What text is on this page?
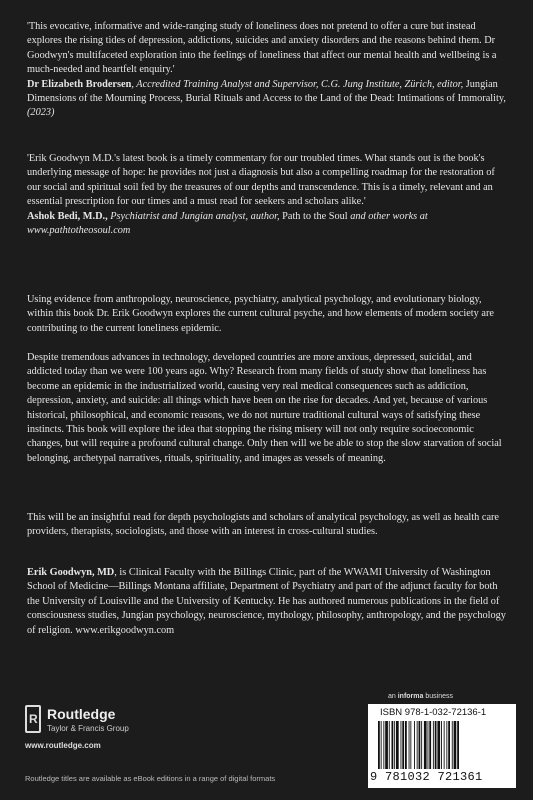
'This evocative, informative and wide-ranging study of loneliness does not pretend to offer a cure but instead explores the rising tides of depression, addictions, suicides and anxiety disorders and the reasons behind them. Dr Goodwyn's multifaceted exploration into the feelings of loneliness that affect our mental health and wellbeing is a much-needed and heartfelt enquiry.'

Dr Elizabeth Brodersen, Accredited Training Analyst and Supervisor, C.G. Jung Institute, Zürich, editor, Jungian Dimensions of the Mourning Process, Burial Rituals and Access to the Land of the Dead: Intimations of Immorality, (2023)

'Erik Goodwyn M.D.'s latest book is a timely commentary for our troubled times. What stands out is the book's underlying message of hope: he provides not just a diagnosis but also a compelling roadmap for the restoration of our social and spiritual soil fed by the treasures of our depths and transcendence. This is a timely, relevant and an essential prescription for our times and a must read for seekers and scholars alike.'

Ashok Bedi, M.D., Psychiatrist and Jungian analyst, author, Path to the Soul and other works at www.pathtotheosoul.com

Using evidence from anthropology, neuroscience, psychiatry, analytical psychology, and evolutionary biology, within this book Dr. Erik Goodwyn explores the current cultural psyche, and how elements of modern society are contributing to the current loneliness epidemic.

Despite tremendous advances in technology, developed countries are more anxious, depressed, suicidal, and addicted today than we were 100 years ago. Why? Research from many fields of study show that loneliness has become an epidemic in the industrialized world, causing very real medical consequences such as addiction, depression, anxiety, and suicide: all things which have been on the rise for decades. And yet, because of various historical, philosophical, and economic reasons, we do not nurture traditional cultural ways of satisfying these instincts. This book will explore the idea that stopping the rising misery will not only require socioeconomic changes, but will require a profound cultural change. Only then will we be able to stop the slow starvation of social belonging, archetypal narratives, rituals, spirituality, and images as vessels of meaning.

This will be an insightful read for depth psychologists and scholars of analytical psychology, as well as health care providers, therapists, sociologists, and those with an interest in cross-cultural studies.

Erik Goodwyn, MD, is Clinical Faculty with the Billings Clinic, part of the WWAMI University of Washington School of Medicine—Billings Montana affiliate, Department of Psychiatry and part of the adjunct faculty for both the University of Louisville and the University of Kentucky. He has authored numerous publications in the field of consciousness studies, Jungian psychology, neuroscience, mythology, philosophy, anthropology, and the psychology of religion. www.erikgoodwyn.com

R
Routledge
Taylor & Francis Group
www.routledge.com
Routledge titles are available as eBook editions in a range of digital formats
an informa business
ISBN 978-1-032-72136-1
9 781032 721361
